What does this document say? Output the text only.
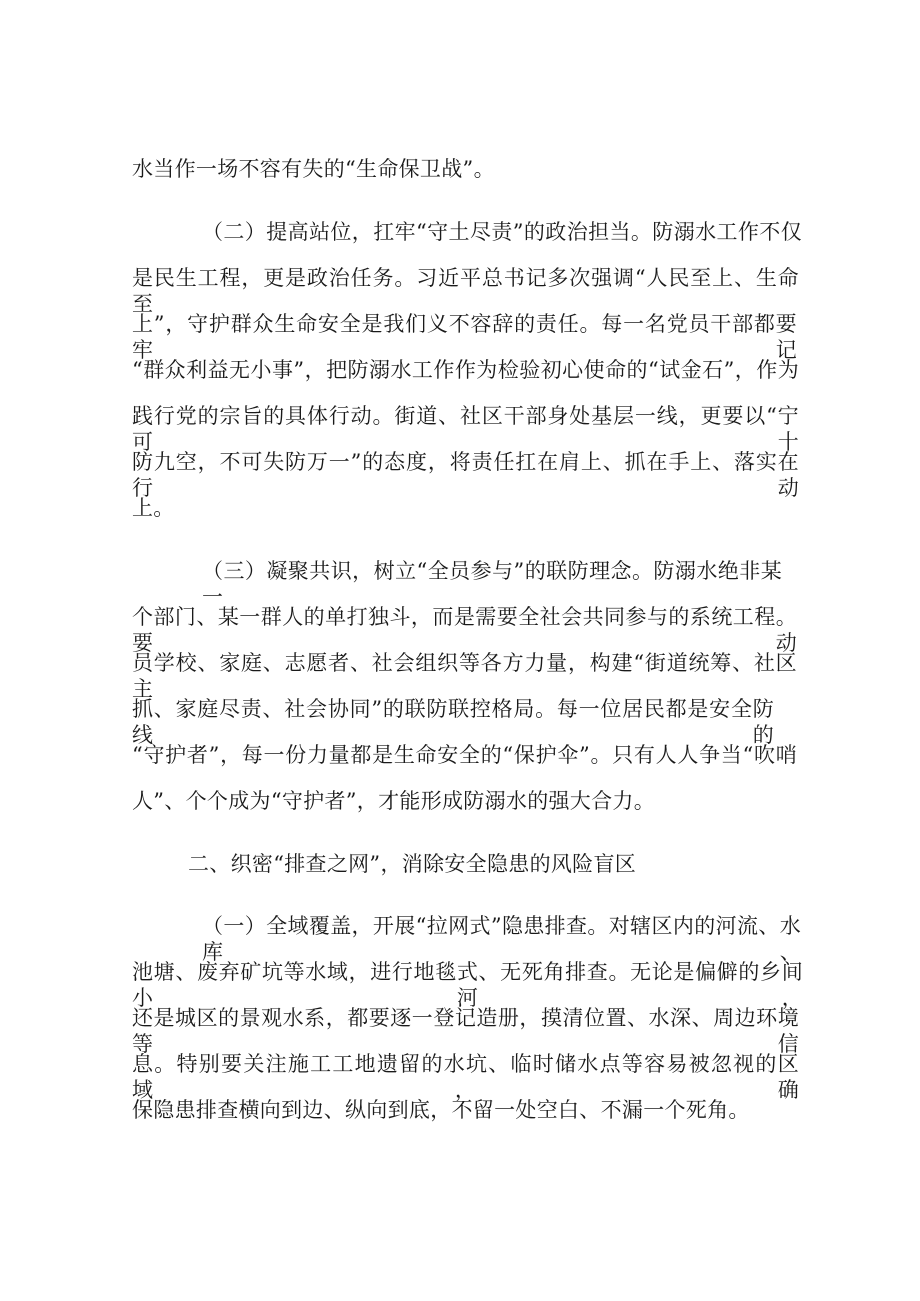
水当作一场不容有失的“生命保卫战”。
（二）提高站位，扛牢“守土尽责”的政治担当。防溺水工作不仅
是民生工程，更是政治任务。习近平总书记多次强调“人民至上、生命至
上”，守护群众生命安全是我们义不容辞的责任。每一名党员干部都要牢记
“群众利益无小事”，把防溺水工作作为检验初心使命的“试金石”，作为
践行党的宗旨的具体行动。街道、社区干部身处基层一线，更要以“宁可十
防九空，不可失防万一”的态度，将责任扛在肩上、抓在手上、落实在行动
上。
（三）凝聚共识，树立“全员参与”的联防理念。防溺水绝非某一
个部门、某一群人的单打独斗，而是需要全社会共同参与的系统工程。要动
员学校、家庭、志愿者、社会组织等各方力量，构建“街道统筹、社区主
抓、家庭尽责、社会协同”的联防联控格局。每一位居民都是安全防线的
“守护者”，每一份力量都是生命安全的“保护伞”。只有人人争当“吹哨
人”、个个成为“守护者”，才能形成防溺水的强大合力。
二、织密“排查之网”，消除安全隐患的风险盲区
（一）全域覆盖，开展“拉网式”隐患排查。对辖区内的河流、水库、
池塘、废弃矿坑等水域，进行地毯式、无死角排查。无论是偏僻的乡间小河，
还是城区的景观水系，都要逐一登记造册，摸清位置、水深、周边环境等信
息。特别要关注施工工地遗留的水坑、临时储水点等容易被忽视的区域，确
保隐患排查横向到边、纵向到底，不留一处空白、不漏一个死角。
